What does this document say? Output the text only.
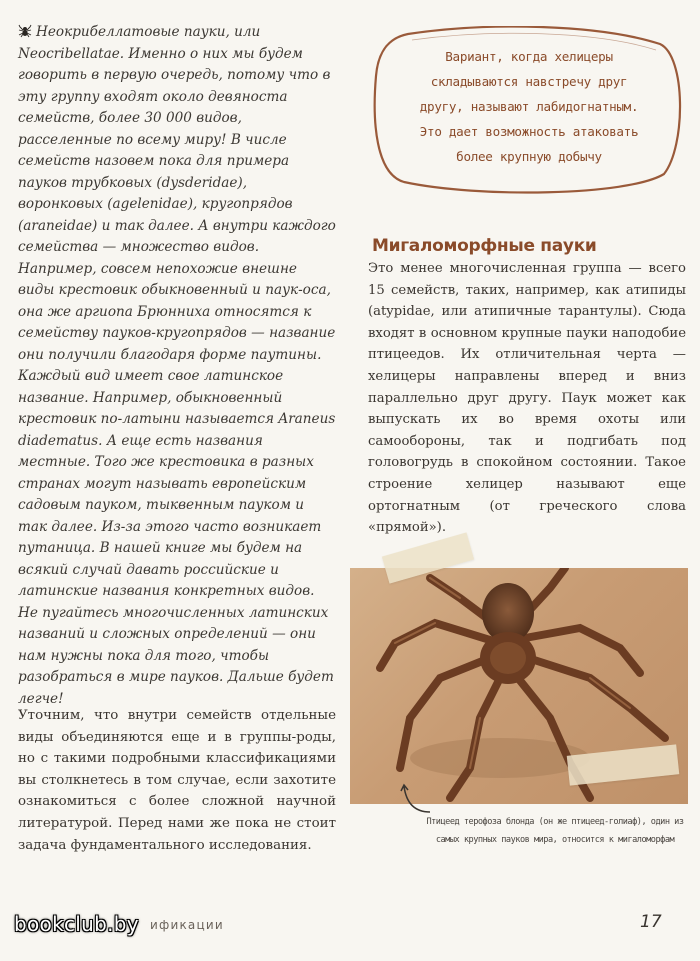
Неокрибеллатовые пауки, или Neocribellatae. Именно о них мы будем говорить в первую очередь, потому что в эту группу входят около девяноста семейств, более 30 000 видов, расселенные по всему миру! В числе семейств назовем пока для примера пауков трубковых (dysderidae), воронковых (agelenidae), кругопрядов (araneidae) и так далее. А внутри каждого семейства — множество видов. Например, совсем непохожие внешне виды крестовик обыкновенный и паук-оса, она же аргиопа Брюнниха относятся к семейству пауков-кругопрядов — название они получили благодаря форме паутины. Каждый вид имеет свое латинское название. Например, обыкновенный крестовик по-латыни называется Araneus diadematus. А еще есть названия местные. Того же крестовика в разных странах могут называть европейским садовым пауком, тыквенным пауком и так далее. Из-за этого часто возникает путаница. В нашей книге мы будем на всякий случай давать российские и латинские названия конкретных видов. Не пугайтесь многочисленных латинских названий и сложных определений — они нам нужны пока для того, чтобы разобраться в мире пауков. Дальше будет легче!
Уточним, что внутри семейств отдельные виды объединяются еще и в группы-роды, но с такими подробными классификациями вы столкнетесь в том случае, если захотите ознакомиться с более сложной научной литературой. Перед нами же пока не стоит задача фундаментального исследования.
Вариант, когда хелицеры складываются навстречу друг другу, называют лабидогнатным. Это дает возможность атаковать более крупную добычу
Мигаломорфные пауки
Это менее многочисленная группа — всего 15 семейств, таких, например, как атипиды (atypidae, или атипичные тарантулы). Сюда входят в основном крупные пауки наподобие птицеедов. Их отличительная черта — хелицеры направлены вперед и вниз параллельно друг другу. Паук может как выпускать их во время охоты или самообороны, так и подгибать под головогрудь в спокойном состоянии. Такое строение хелицер называют еще ортогнатным (от греческого слова «прямой»).
Птицеед терофоза блонда (он же птицеед-голиаф), один из самых крупных пауков мира, относится к мигаломорфам
bookclub.by ификации	17
